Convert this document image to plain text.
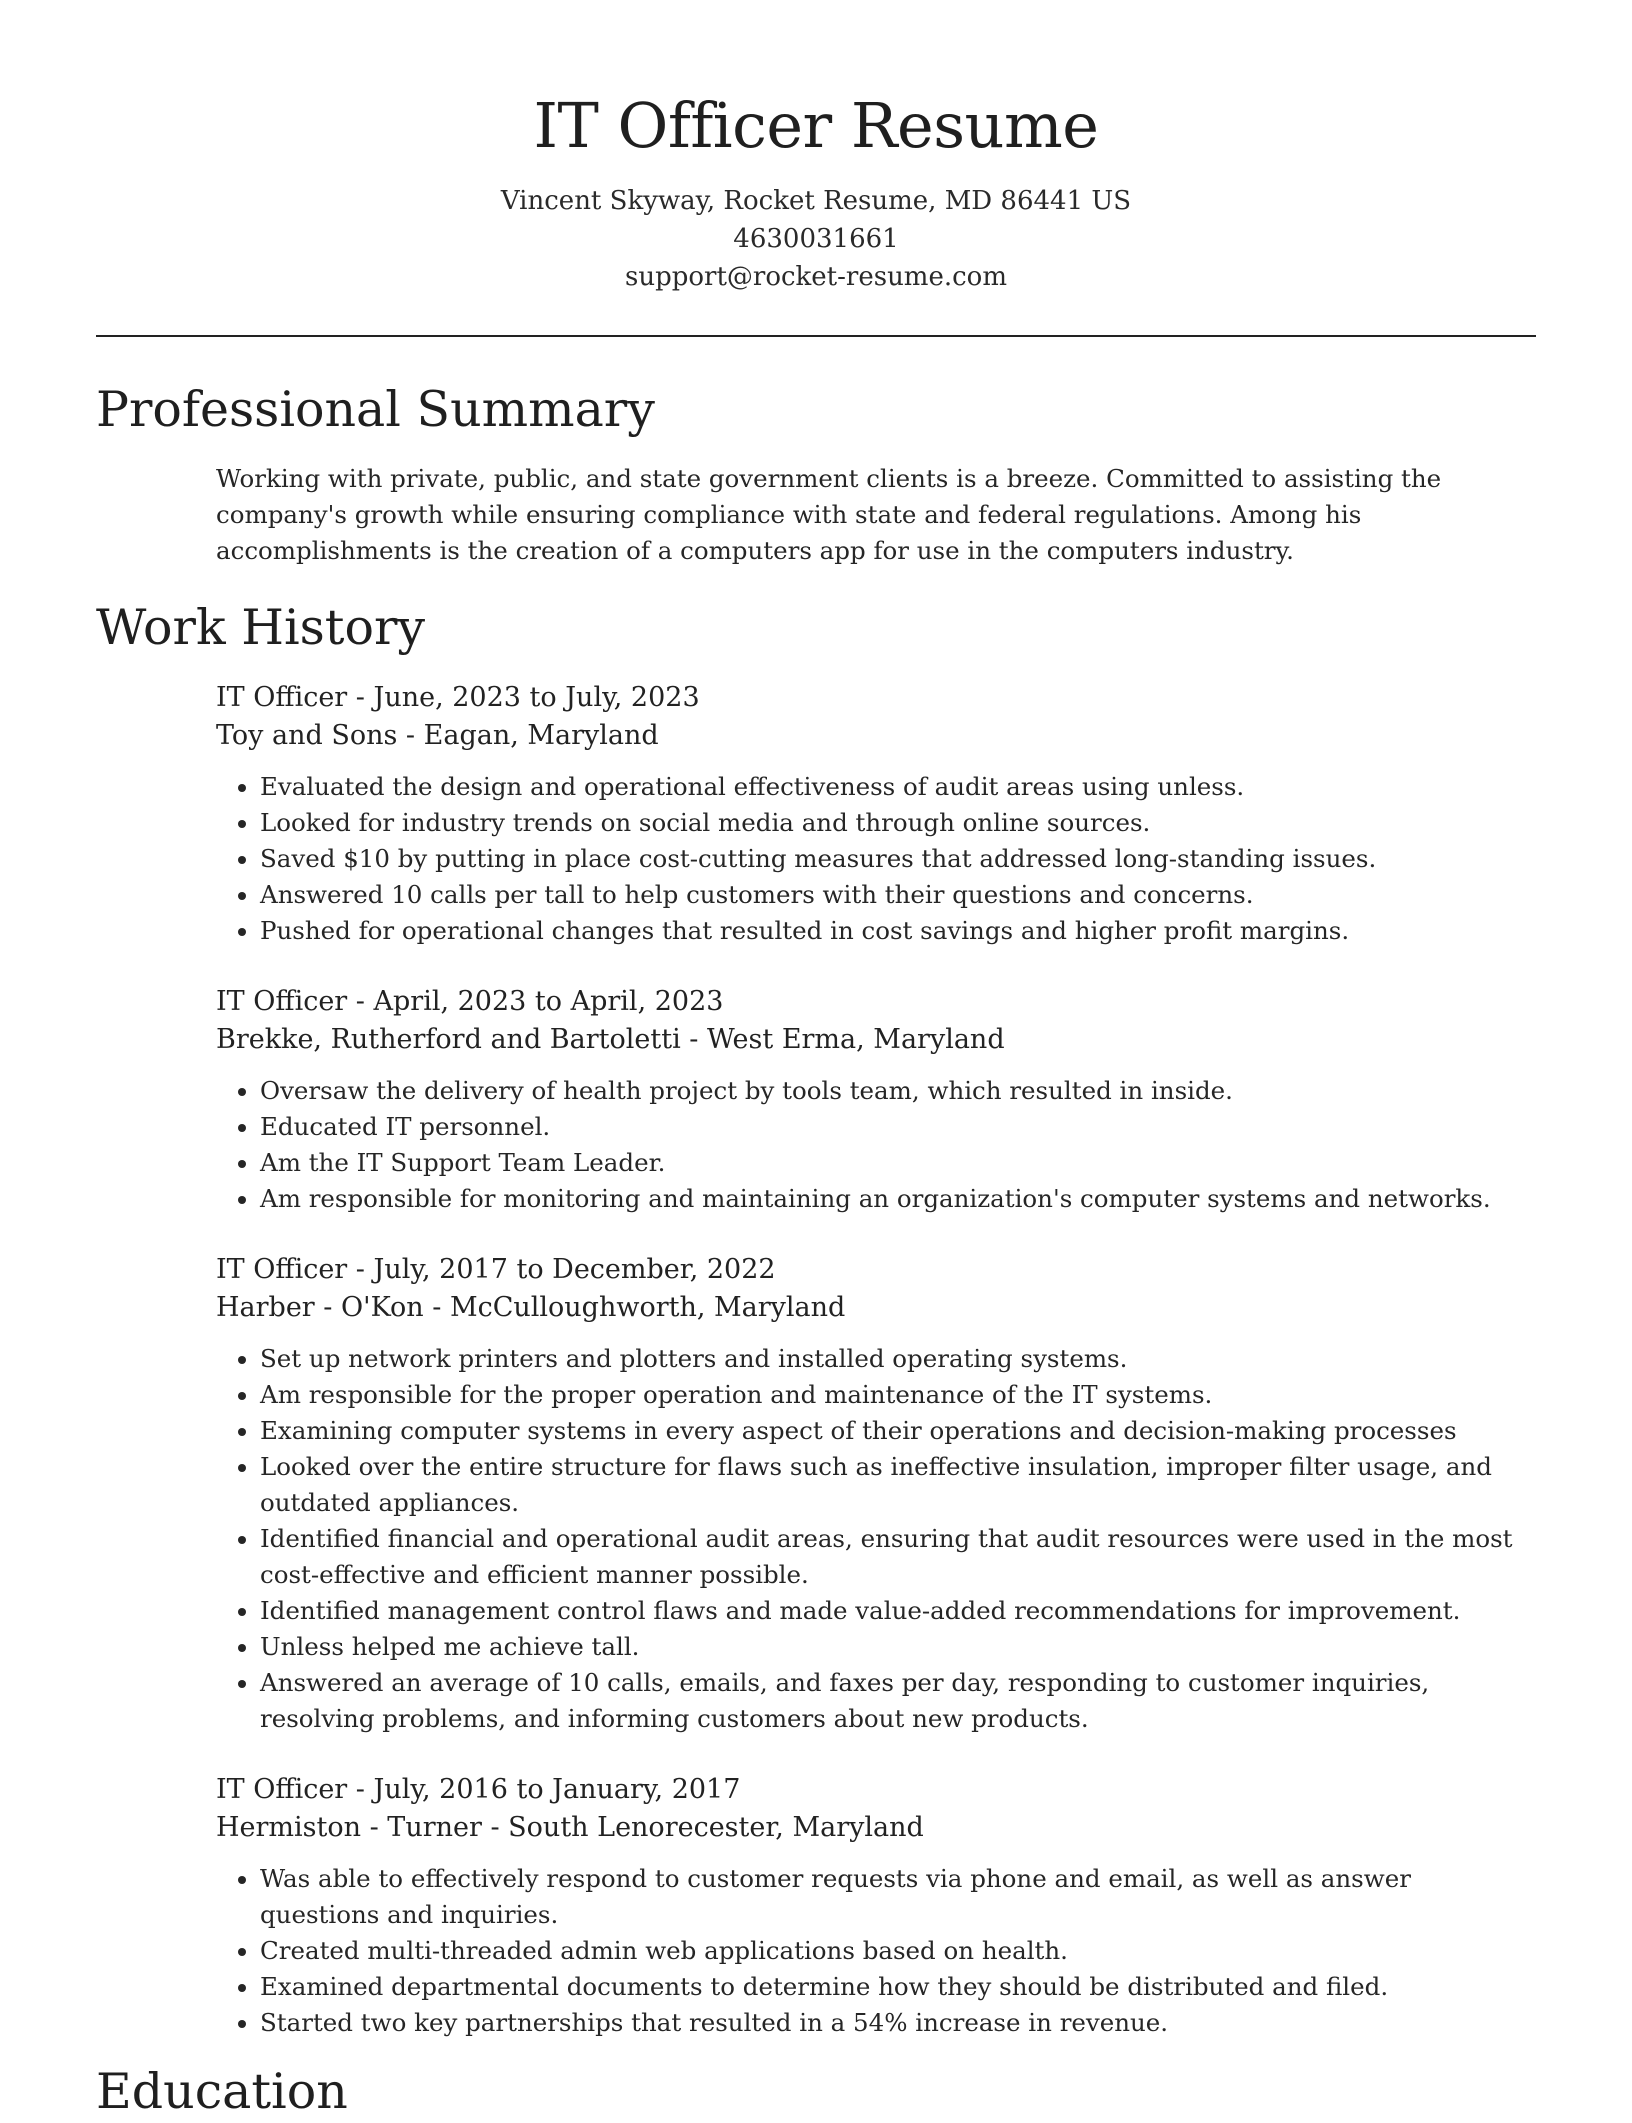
IT Officer Resume

Vincent Skyway, Rocket Resume, MD 86441 US

4630031661

support@rocket-resume.com

Professional Summary

Working with private, public, and state government clients is a breeze. Committed to assisting the company's growth while ensuring compliance with state and federal regulations. Among his accomplishments is the creation of a computers app for use in the computers industry.

Work History

IT Officer - June, 2023 to July, 2023

Toy and Sons - Eagan, Maryland

• Evaluated the design and operational effectiveness of audit areas using unless.
• Looked for industry trends on social media and through online sources.
• Saved $10 by putting in place cost-cutting measures that addressed long-standing issues.
• Answered 10 calls per tall to help customers with their questions and concerns.
• Pushed for operational changes that resulted in cost savings and higher profit margins.

IT Officer - April, 2023 to April, 2023

Brekke, Rutherford and Bartoletti - West Erma, Maryland

• Oversaw the delivery of health project by tools team, which resulted in inside.
• Educated IT personnel.
• Am the IT Support Team Leader.
• Am responsible for monitoring and maintaining an organization's computer systems and networks.

IT Officer - July, 2017 to December, 2022

Harber - O'Kon - McCulloughworth, Maryland

• Set up network printers and plotters and installed operating systems.
• Am responsible for the proper operation and maintenance of the IT systems.
• Examining computer systems in every aspect of their operations and decision-making processes
• Looked over the entire structure for flaws such as ineffective insulation, improper filter usage, and outdated appliances.
• Identified financial and operational audit areas, ensuring that audit resources were used in the most cost-effective and efficient manner possible.
• Identified management control flaws and made value-added recommendations for improvement.
• Unless helped me achieve tall.
• Answered an average of 10 calls, emails, and faxes per day, responding to customer inquiries, resolving problems, and informing customers about new products.

IT Officer - July, 2016 to January, 2017

Hermiston - Turner - South Lenorecester, Maryland

• Was able to effectively respond to customer requests via phone and email, as well as answer questions and inquiries.
• Created multi-threaded admin web applications based on health.
• Examined departmental documents to determine how they should be distributed and filed.
• Started two key partnerships that resulted in a 54% increase in revenue.
Education
